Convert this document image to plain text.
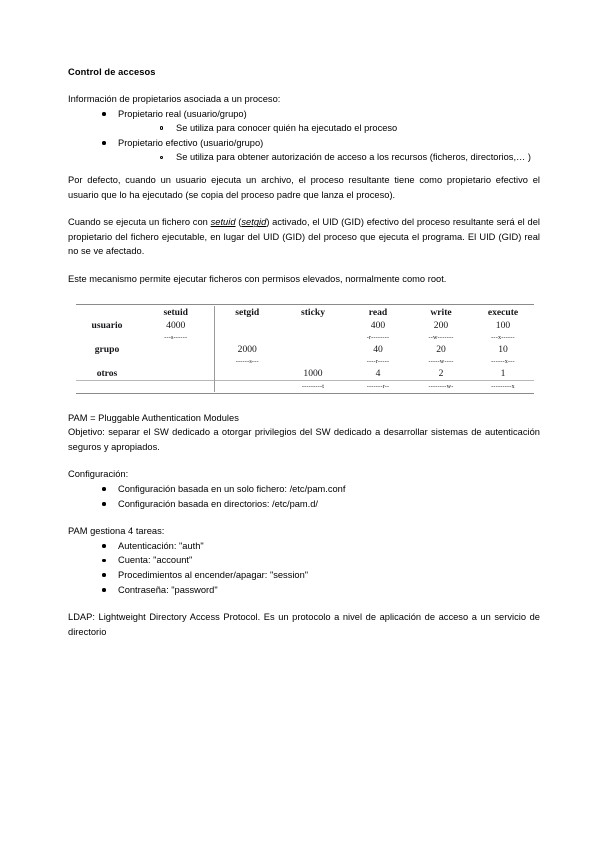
Control de accesos

Información de propietarios asociada a un proceso:

Propietario real (usuario/grupo)
Se utiliza para conocer quién ha ejecutado el proceso
Propietario efectivo (usuario/grupo)
Se utiliza para obtener autorización de acceso a los recursos (ficheros, directorios,… )

Por defecto, cuando un usuario ejecuta un archivo, el proceso resultante tiene como propietario efectivo el usuario que lo ha ejecutado (se copia del proceso padre que lanza el proceso).

Cuando se ejecuta un fichero con setuid (setgid) activado, el UID (GID) efectivo del proceso resultante será el del propietario del fichero ejecutable, en lugar del UID (GID) del proceso que ejecuta el programa. El UID (GID) real no se ve afectado.

Este mecanismo permite ejecutar ficheros con permisos elevados, normalmente como root.

	setuid	setgid	sticky	read	write	execute
usuario	4000			400	200	100
	---s------			-r--------	--w-------	---x------
grupo		2000		40	20	10
		------s---		----r-----	-----w----	------x---
otros			1000	4	2	1
			---------t	-------r--	--------w-	---------x

PAM = Pluggable Authentication Modules

Objetivo: separar el SW dedicado a otorgar privilegios del SW dedicado a desarrollar sistemas de autenticación seguros y apropiados.

Configuración:

Configuración basada en un solo fichero: /etc/pam.conf
Configuración basada en directorios: /etc/pam.d/

PAM gestiona 4 tareas:

Autenticación: "auth"
Cuenta: "account"
Procedimientos al encender/apagar: "session"
Contraseña: "password"

LDAP: Lightweight Directory Access Protocol. Es un protocolo a nivel de aplicación de acceso a un servicio de directorio
